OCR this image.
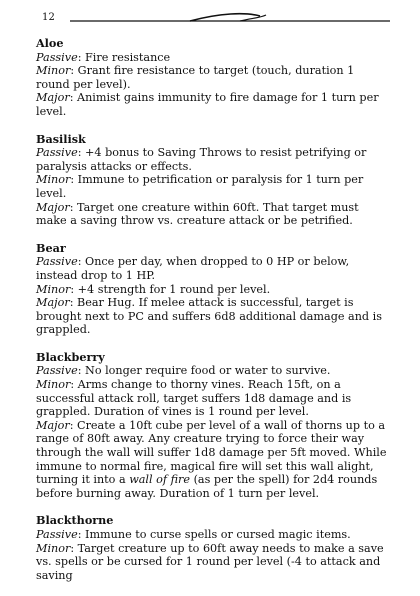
12

Aloe

Passive: Fire resistance

Minor: Grant fire resistance to target (touch, duration 1 round per level).

Major: Animist gains immunity to fire damage for 1 turn per level.

Basilisk

Passive: +4 bonus to Saving Throws to resist petrifying or paralysis attacks or effects.

Minor: Immune to petrification or paralysis for 1 turn per level.

Major: Target one creature within 60ft. That target must make a saving throw vs. creature attack or be petrified.

Bear

Passive: Once per day, when dropped to 0 HP or below, instead drop to 1 HP.

Minor: +4 strength for 1 round per level.

Major: Bear Hug. If melee attack is successful, target is brought next to PC and suffers 6d8 additional damage and is grappled.

Blackberry

Passive: No longer require food or water to survive.

Minor: Arms change to thorny vines. Reach 15ft, on a successful attack roll, target suffers 1d8 damage and is grappled. Duration of vines is 1 round per level.

Major: Create a 10ft cube per level of a wall of thorns up to a range of 80ft away. Any creature trying to force their way through the wall will suffer 1d8 damage per 5ft moved. While immune to normal fire, magical fire will set this wall alight, turning it into a wall of fire (as per the spell) for 2d4 rounds before burning away. Duration of 1 turn per level.

Blackthorne

Passive: Immune to curse spells or cursed magic items.

Minor: Target creature up to 60ft away needs to make a save vs. spells or be cursed for 1 round per level (-4 to attack and saving
